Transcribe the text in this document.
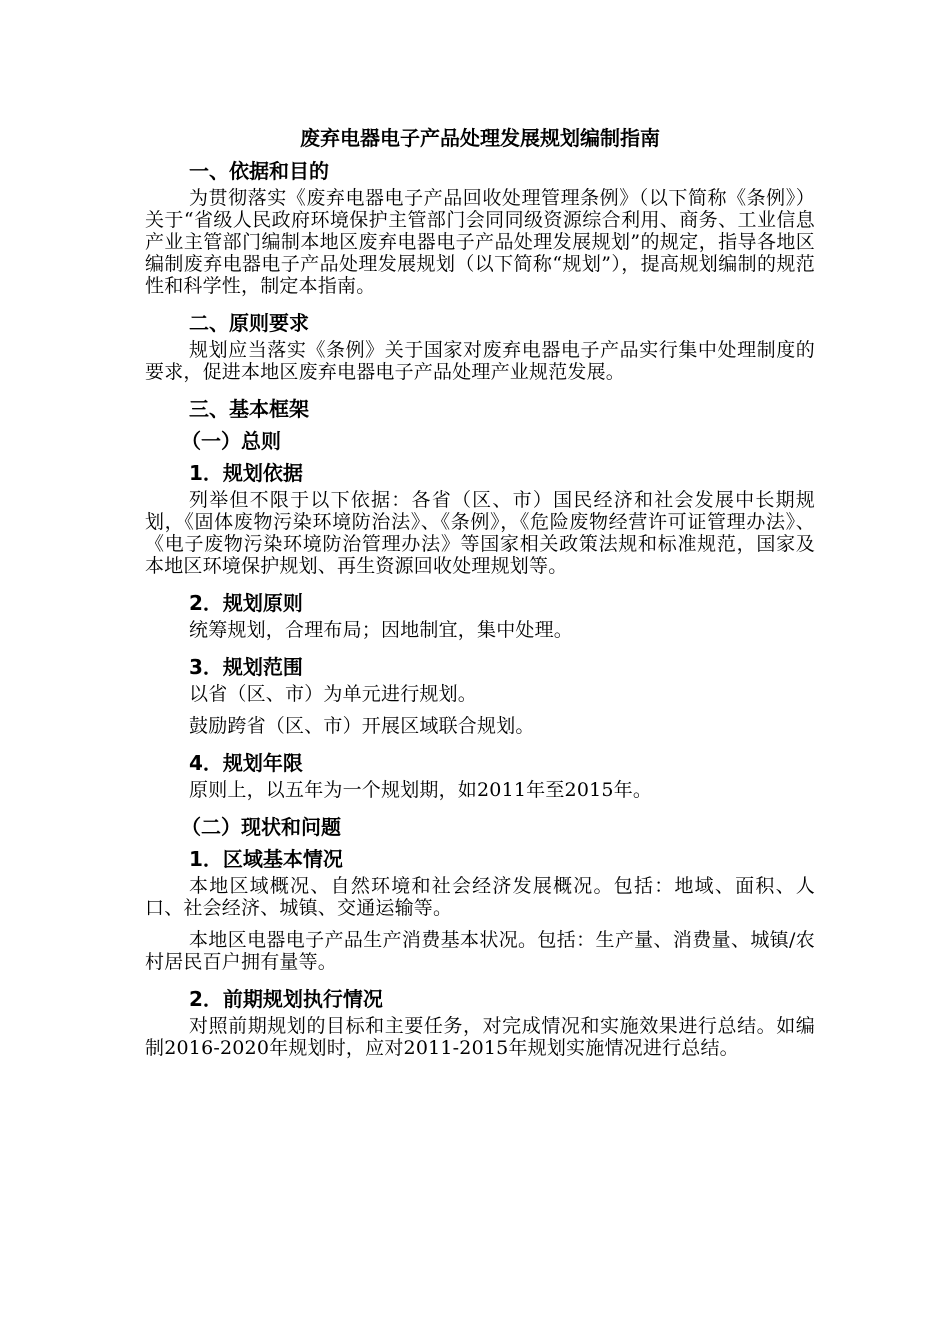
废弃电器电子产品处理发展规划编制指南
一、依据和目的
为贯彻落实《废弃电器电子产品回收处理管理条例》（以下简称《条例》）关于“省级人民政府环境保护主管部门会同同级资源综合利用、商务、工业信息产业主管部门编制本地区废弃电器电子产品处理发展规划”的规定，指导各地区编制废弃电器电子产品处理发展规划（以下简称“规划”），提高规划编制的规范性和科学性，制定本指南。
二、原则要求
规划应当落实《条例》关于国家对废弃电器电子产品实行集中处理制度的要求，促进本地区废弃电器电子产品处理产业规范发展。
三、基本框架
（一）总则
1．规划依据
列举但不限于以下依据：各省（区、市）国民经济和社会发展中长期规划，《固体废物污染环境防治法》、《条例》，《危险废物经营许可证管理办法》、《电子废物污染环境防治管理办法》等国家相关政策法规和标准规范，国家及本地区环境保护规划、再生资源回收处理规划等。
2．规划原则
统筹规划，合理布局；因地制宜，集中处理。
3．规划范围
以省（区、市）为单元进行规划。
鼓励跨省（区、市）开展区域联合规划。
4．规划年限
原则上，以五年为一个规划期，如2011年至2015年。
（二）现状和问题
1．区域基本情况
本地区域概况、自然环境和社会经济发展概况。包括：地域、面积、人口、社会经济、城镇、交通运输等。
本地区电器电子产品生产消费基本状况。包括：生产量、消费量、城镇/农村居民百户拥有量等。
2．前期规划执行情况
对照前期规划的目标和主要任务，对完成情况和实施效果进行总结。如编制2016-2020年规划时，应对2011-2015年规划实施情况进行总结。
